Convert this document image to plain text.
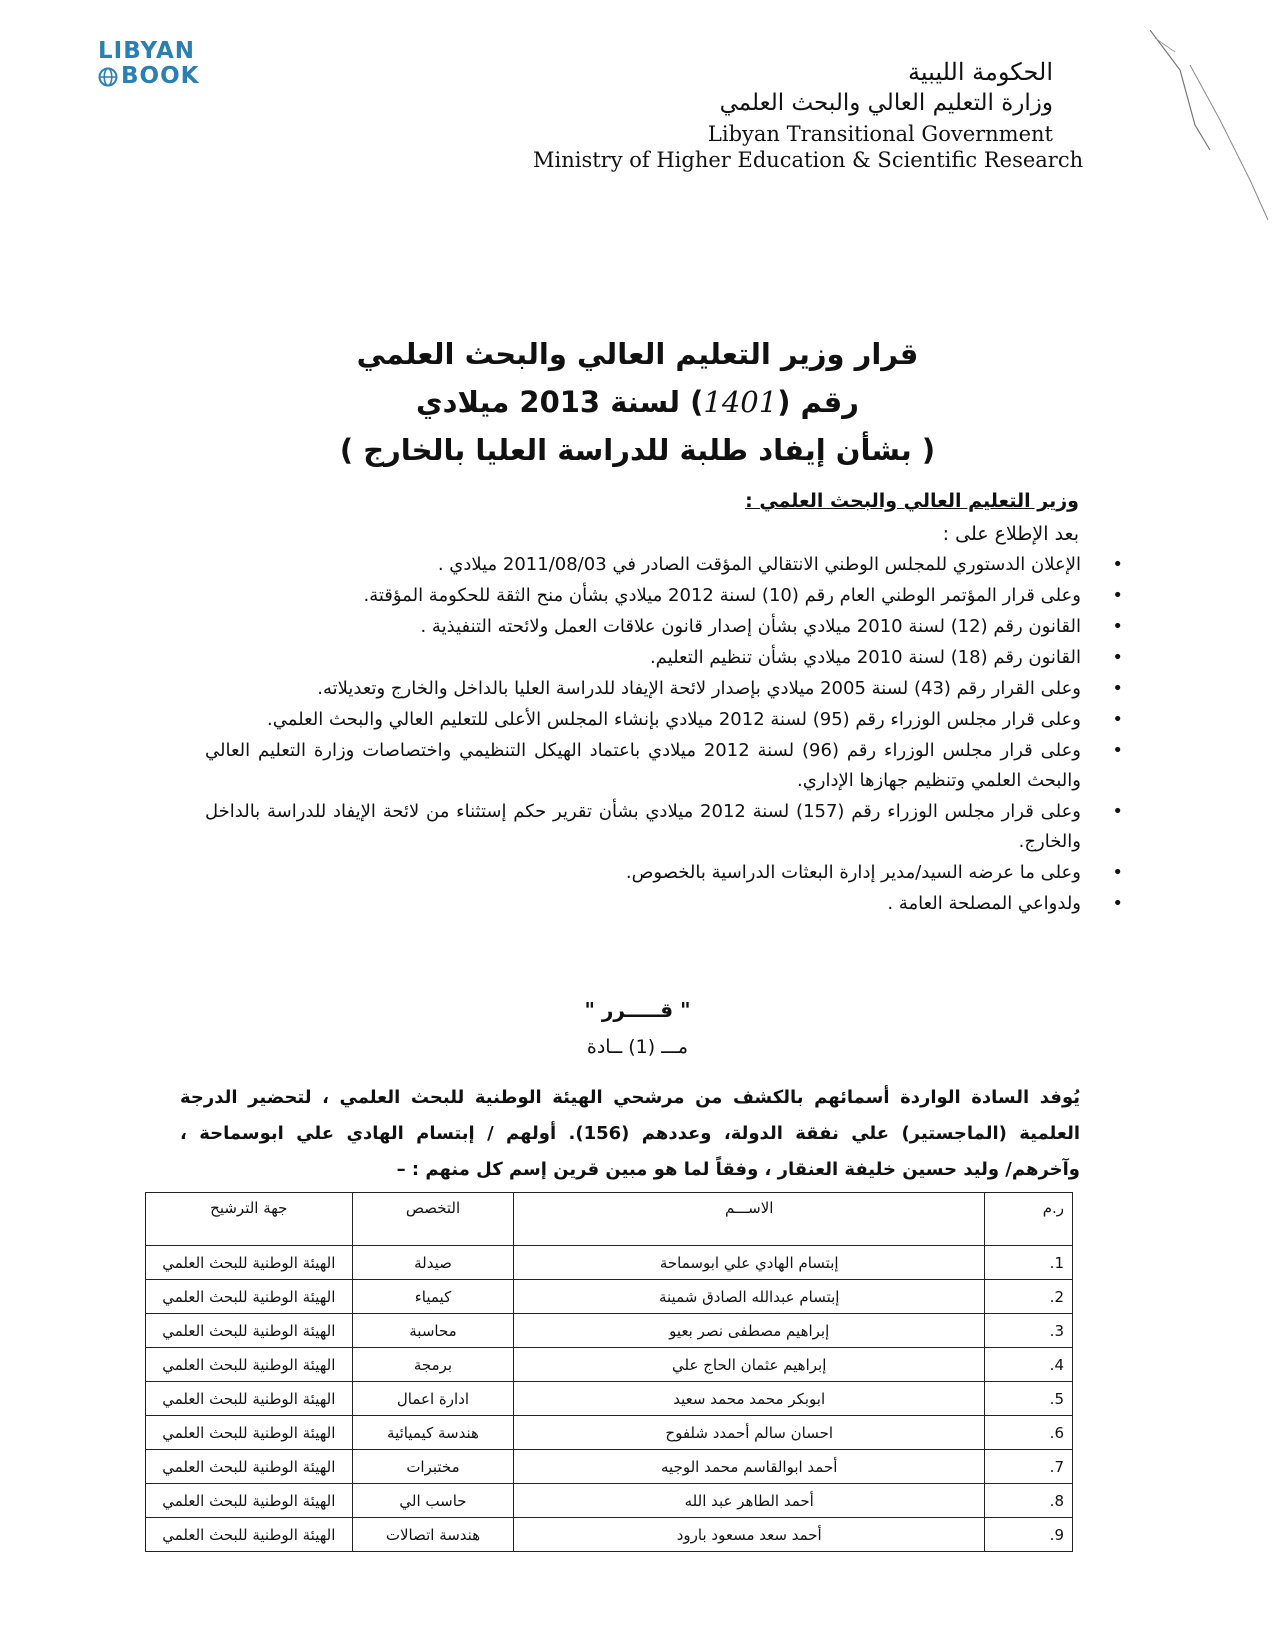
LIBYAN
BOOK	الحكومة الليبية

وزارة التعليم العالي والبحث العلمي

Libyan Transitional Government

Ministry of Higher Education & Scientific Research

قرار وزير التعليم العالي والبحث العلمي

رقم (1401) لسنة 2013 ميلادي

( بشأن إيفاد طلبة للدراسة العليا بالخارج )

وزير التعليم العالي والبحث العلمي :
بعد الإطلاع على :
•
الإعلان الدستوري للمجلس الوطني الانتقالي المؤقت الصادر في 2011/08/03 ميلادي .
•
وعلى قرار المؤتمر الوطني العام رقم (10) لسنة 2012 ميلادي بشأن منح الثقة للحكومة المؤقتة.
•
القانون رقم (12) لسنة 2010 ميلادي بشأن إصدار قانون علاقات العمل ولائحته التنفيذية .
•
القانون رقم (18) لسنة 2010 ميلادي بشأن تنظيم التعليم.
•
وعلى القرار رقم (43) لسنة 2005 ميلادي بإصدار لائحة الإيفاد للدراسة العليا بالداخل والخارج وتعديلاته.
•
وعلى قرار مجلس الوزراء رقم (95) لسنة 2012 ميلادي بإنشاء المجلس الأعلى للتعليم العالي والبحث العلمي.
•
وعلى قرار مجلس الوزراء رقم (96) لسنة 2012 ميلادي باعتماد الهيكل التنظيمي واختصاصات وزارة التعليم العالي والبحث العلمي وتنظيم جهازها الإداري.
•
وعلى قرار مجلس الوزراء رقم (157) لسنة 2012 ميلادي بشأن تقرير حكم إستثناء من لائحة الإيفاد للدراسة بالداخل والخارج.
•
وعلى ما عرضه السيد/مدير إدارة البعثات الدراسية بالخصوص.
•
ولدواعي المصلحة العامة .
" قـــــرر "
مـــ (1) ــادة
يُوفد السادة الواردة أسمائهم بالكشف من مرشحي الهيئة الوطنية للبحث العلمي ، لتحضير الدرجة العلمية (الماجستير) علي نفقة الدولة، وعددهم (156). أولهم / إبتسام الهادي علي ابوسماحة ، وآخرهم/ وليد حسين خليفة العنقار ، وفقاً لما هو مبين قرين إسم كل منهم : –
ر.م	الاســـم	التخصص	جهة الترشيح
1.	إبتسام الهادي علي ابوسماحة	صيدلة	الهيئة الوطنية للبحث العلمي
2.	إبتسام عبدالله الصادق شمينة	كيمياء	الهيئة الوطنية للبحث العلمي
3.	إبراهيم مصطفى نصر بعيو	محاسبة	الهيئة الوطنية للبحث العلمي
4.	إبراهيم عثمان الحاج علي	برمجة	الهيئة الوطنية للبحث العلمي
5.	ابوبكر محمد محمد سعيد	ادارة اعمال	الهيئة الوطنية للبحث العلمي
6.	احسان سالم أحمدد شلفوح	هندسة كيميائية	الهيئة الوطنية للبحث العلمي
7.	أحمد ابوالقاسم محمد الوجيه	مختبرات	الهيئة الوطنية للبحث العلمي
8.	أحمد الطاهر عبد الله	حاسب الي	الهيئة الوطنية للبحث العلمي
9.	أحمد سعد مسعود بارود	هندسة اتصالات	الهيئة الوطنية للبحث العلمي
